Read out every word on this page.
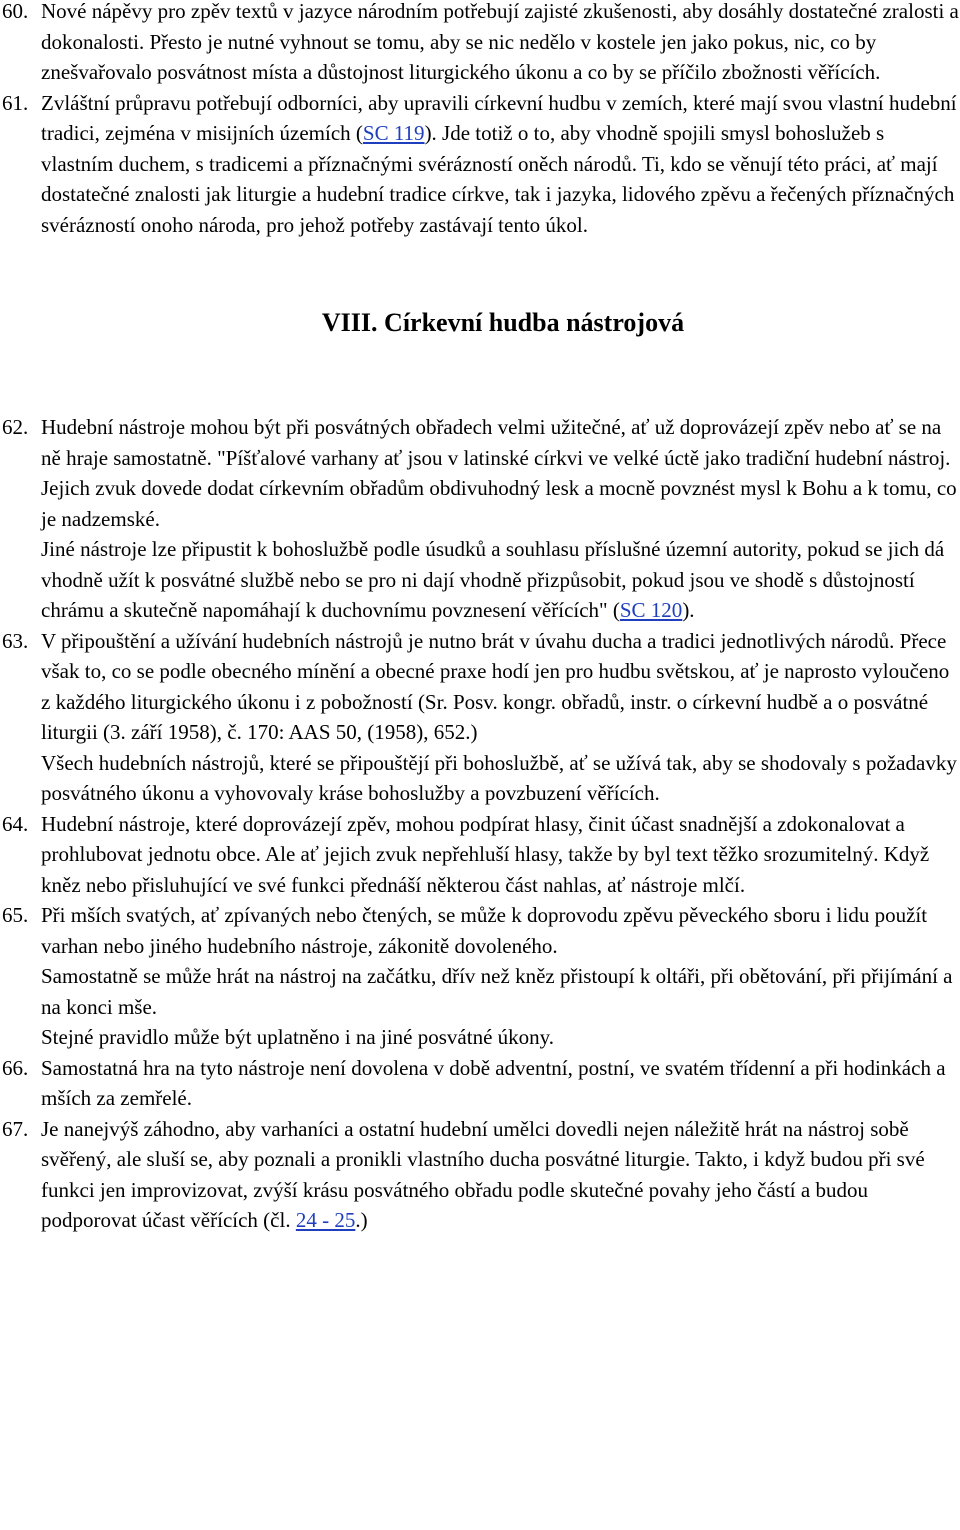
60. Nové nápěvy pro zpěv textů v jazyce národním potřebují zajisté zkušenosti, aby dosáhly dostatečné zralosti a dokonalosti. Přesto je nutné vyhnout se tomu, aby se nic nedělo v kostele jen jako pokus, nic, co by znešvařovalo posvátnost místa a důstojnost liturgického úkonu a co by se příčilo zbožnosti věřících.

61. Zvláštní průpravu potřebují odborníci, aby upravili církevní hudbu v zemích, které mají svou vlastní hudební tradici, zejména v misijních územích (SC 119). Jde totiž o to, aby vhodně spojili smysl bohoslužeb s vlastním duchem, s tradicemi a příznačnými svérázností oněch národů. Ti, kdo se věnují této práci, ať mají dostatečné znalosti jak liturgie a hudební tradice církve, tak i jazyka, lidového zpěvu a řečených příznačných svérázností onoho národa, pro jehož potřeby zastávají tento úkol.

VIII. Církevní hudba nástrojová

62. Hudební nástroje mohou být při posvátných obřadech velmi užitečné, ať už doprovázejí zpěv nebo ať se na ně hraje samostatně. "Píšťalové varhany ať jsou v latinské církvi ve velké úctě jako tradiční hudební nástroj. Jejich zvuk dovede dodat církevním obřadům obdivuhodný lesk a mocně povznést mysl k Bohu a k tomu, co je nadzemské.

Jiné nástroje lze připustit k bohoslužbě podle úsudků a souhlasu příslušné územní autority, pokud se jich dá vhodně užít k posvátné službě nebo se pro ni dají vhodně přizpůsobit, pokud jsou ve shodě s důstojností chrámu a skutečně napomáhají k duchovnímu povznesení věřících" (SC 120).

63. V připouštění a užívání hudebních nástrojů je nutno brát v úvahu ducha a tradici jednotlivých národů. Přece však to, co se podle obecného mínění a obecné praxe hodí jen pro hudbu světskou, ať je naprosto vyloučeno z každého liturgického úkonu i z pobožností (Sr. Posv. kongr. obřadů, instr. o církevní hudbě a o posvátné liturgii (3. září 1958), č. 170: AAS 50, (1958), 652.)

Všech hudebních nástrojů, které se připouštějí při bohoslužbě, ať se užívá tak, aby se shodovaly s požadavky posvátného úkonu a vyhovovaly kráse bohoslužby a povzbuzení věřících.

64. Hudební nástroje, které doprovázejí zpěv, mohou podpírat hlasy, činit účast snadnější a zdokonalovat a prohlubovat jednotu obce. Ale ať jejich zvuk nepřehluší hlasy, takže by byl text těžko srozumitelný. Když kněz nebo přisluhující ve své funkci přednáší některou část nahlas, ať nástroje mlčí.

65. Při mších svatých, ať zpívaných nebo čtených, se může k doprovodu zpěvu pěveckého sboru i lidu použít varhan nebo jiného hudebního nástroje, zákonitě dovoleného.

Samostatně se může hrát na nástroj na začátku, dřív než kněz přistoupí k oltáři, při obětování, při přijímání a na konci mše.

Stejné pravidlo může být uplatněno i na jiné posvátné úkony.

66. Samostatná hra na tyto nástroje není dovolena v době adventní, postní, ve svatém třídenní a při hodinkách a mších za zemřelé.

67. Je nanejvýš záhodno, aby varhaníci a ostatní hudební umělci dovedli nejen náležitě hrát na nástroj sobě svěřený, ale sluší se, aby poznali a pronikli vlastního ducha posvátné liturgie. Takto, i když budou při své funkci jen improvizovat, zvýší krásu posvátného obřadu podle skutečné povahy jeho částí a budou podporovat účast věřících (čl. 24 - 25.)
